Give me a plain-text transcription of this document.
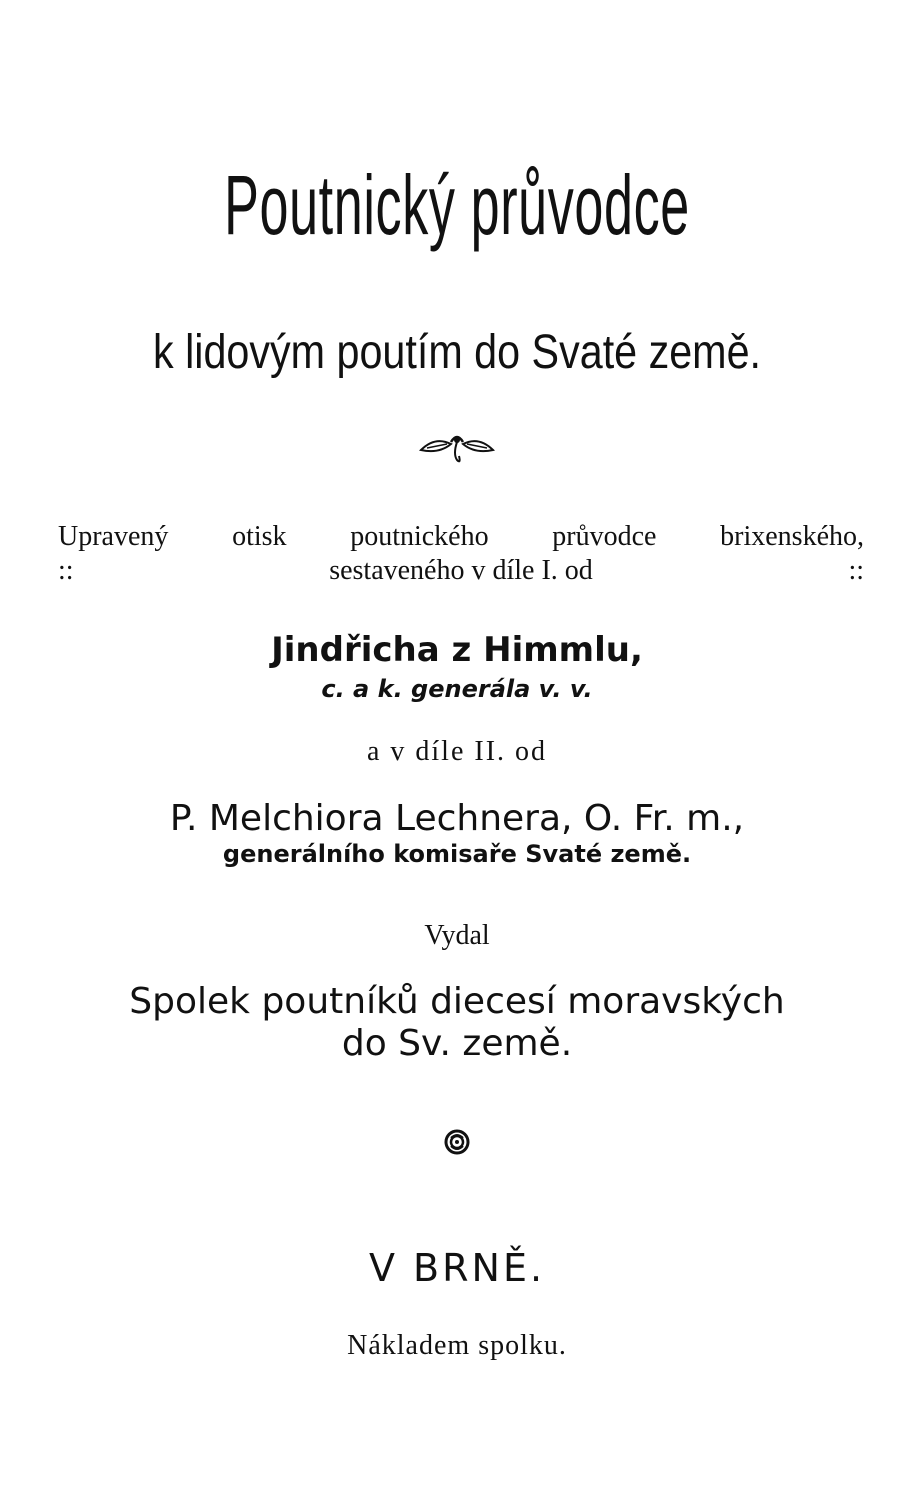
Poutnický průvodce
k lidovým poutím do Svaté země.
Upravený otisk poutnického průvodce brixenského,
::	sestaveného v díle I. od	::
Jindřicha z Himmlu,
c. a k. generála v. v.
a v díle II. od
P. Melchiora Lechnera, O. Fr. m.,
generálního komisaře Svaté země.
Vydal
Spolek poutníků diecesí moravských
do Sv. země.
V BRNĚ.
Nákladem spolku.
